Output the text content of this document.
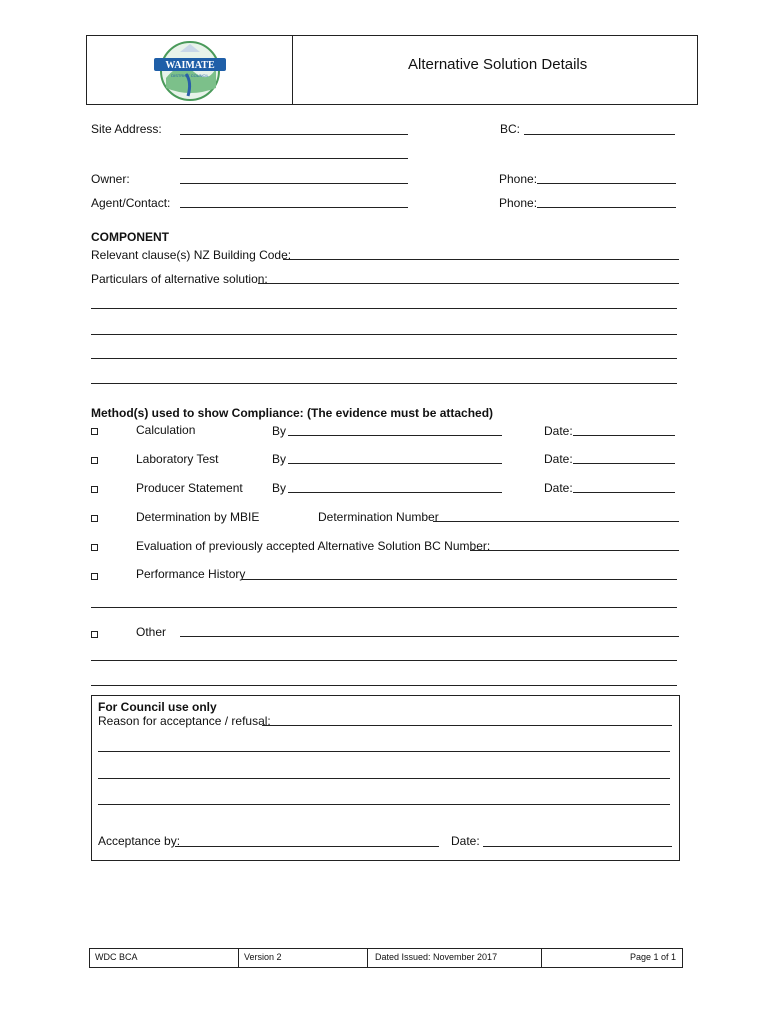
WAIMATE
DISTRICT COUNCIL
Alternative Solution Details
Site Address:	BC:
Owner:	Phone:
Agent/Contact:	Phone:
COMPONENT
Relevant clause(s) NZ Building Code:
Particulars of alternative solution:
Method(s) used to show Compliance: (The evidence must be attached)
Calculation	By	Date:
Laboratory Test	By	Date:
Producer Statement By	Date:
Determination by MBIE	Determination Number
Evaluation of previously accepted Alternative Solution BC Number:
Performance History
Other
For Council use only
Reason for acceptance / refusal:
Acceptance by:	Date:
WDC BCA	Version 2	Dated Issued: November 2017	Page 1 of 1
